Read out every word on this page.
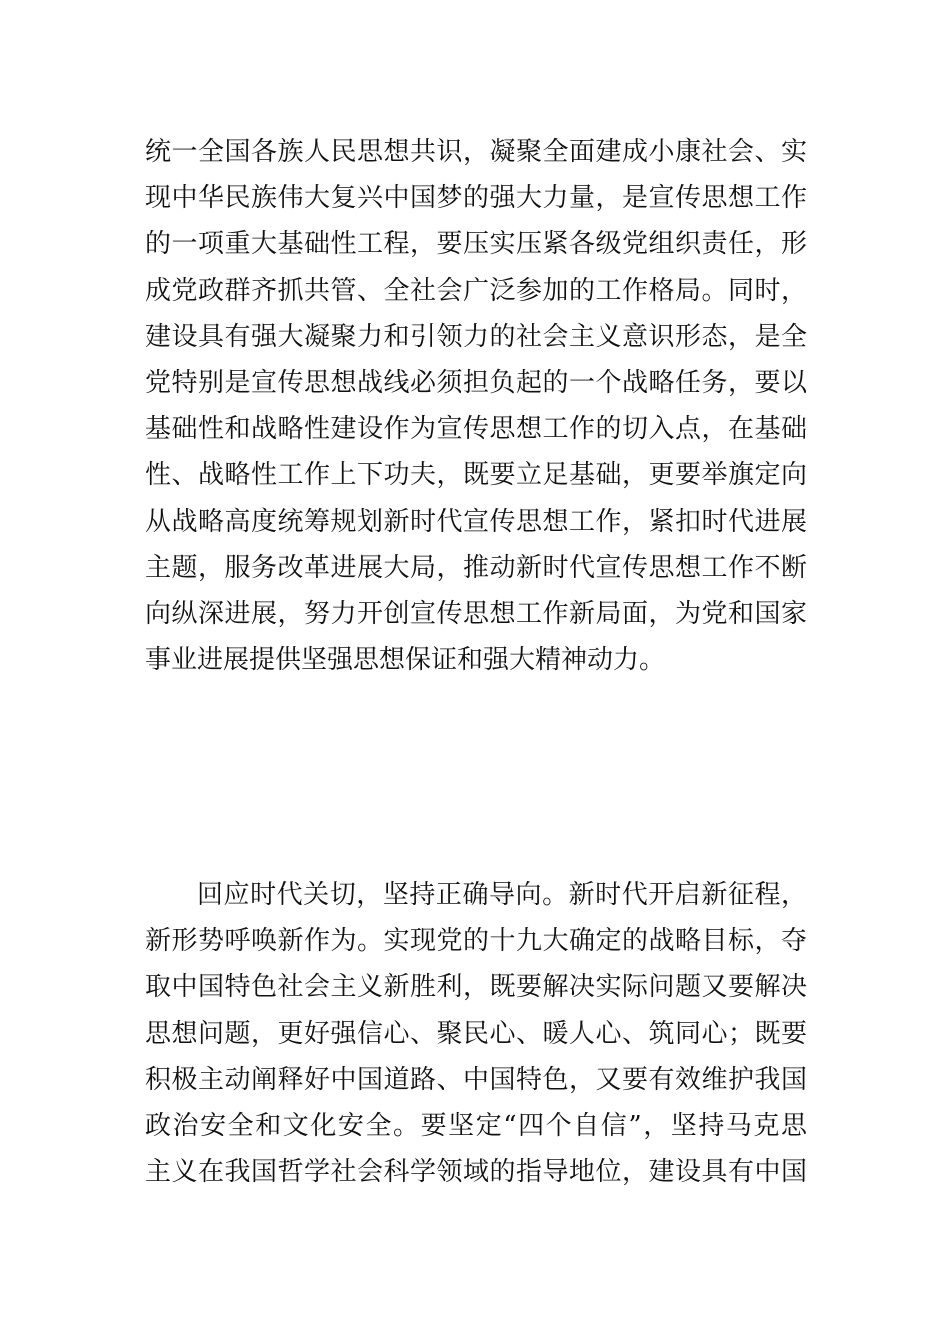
统一全国各族人民思想共识，凝聚全面建成小康社会、实
现中华民族伟大复兴中国梦的强大力量，是宣传思想工作
的一项重大基础性工程，要压实压紧各级党组织责任，形
成党政群齐抓共管、全社会广泛参加的工作格局。同时，
建设具有强大凝聚力和引领力的社会主义意识形态，是全
党特别是宣传思想战线必须担负起的一个战略任务，要以
基础性和战略性建设作为宣传思想工作的切入点，在基础
性、战略性工作上下功夫，既要立足基础，更要举旗定向
从战略高度统筹规划新时代宣传思想工作，紧扣时代进展
主题，服务改革进展大局，推动新时代宣传思想工作不断
向纵深进展，努力开创宣传思想工作新局面，为党和国家
事业进展提供坚强思想保证和强大精神动力。
回应时代关切，坚持正确导向。新时代开启新征程，
新形势呼唤新作为。实现党的十九大确定的战略目标，夺
取中国特色社会主义新胜利，既要解决实际问题又要解决
思想问题，更好强信心、聚民心、暖人心、筑同心；既要
积极主动阐释好中国道路、中国特色，又要有效维护我国
政治安全和文化安全。要坚定“四个自信”，坚持马克思
主义在我国哲学社会科学领域的指导地位，建设具有中国
